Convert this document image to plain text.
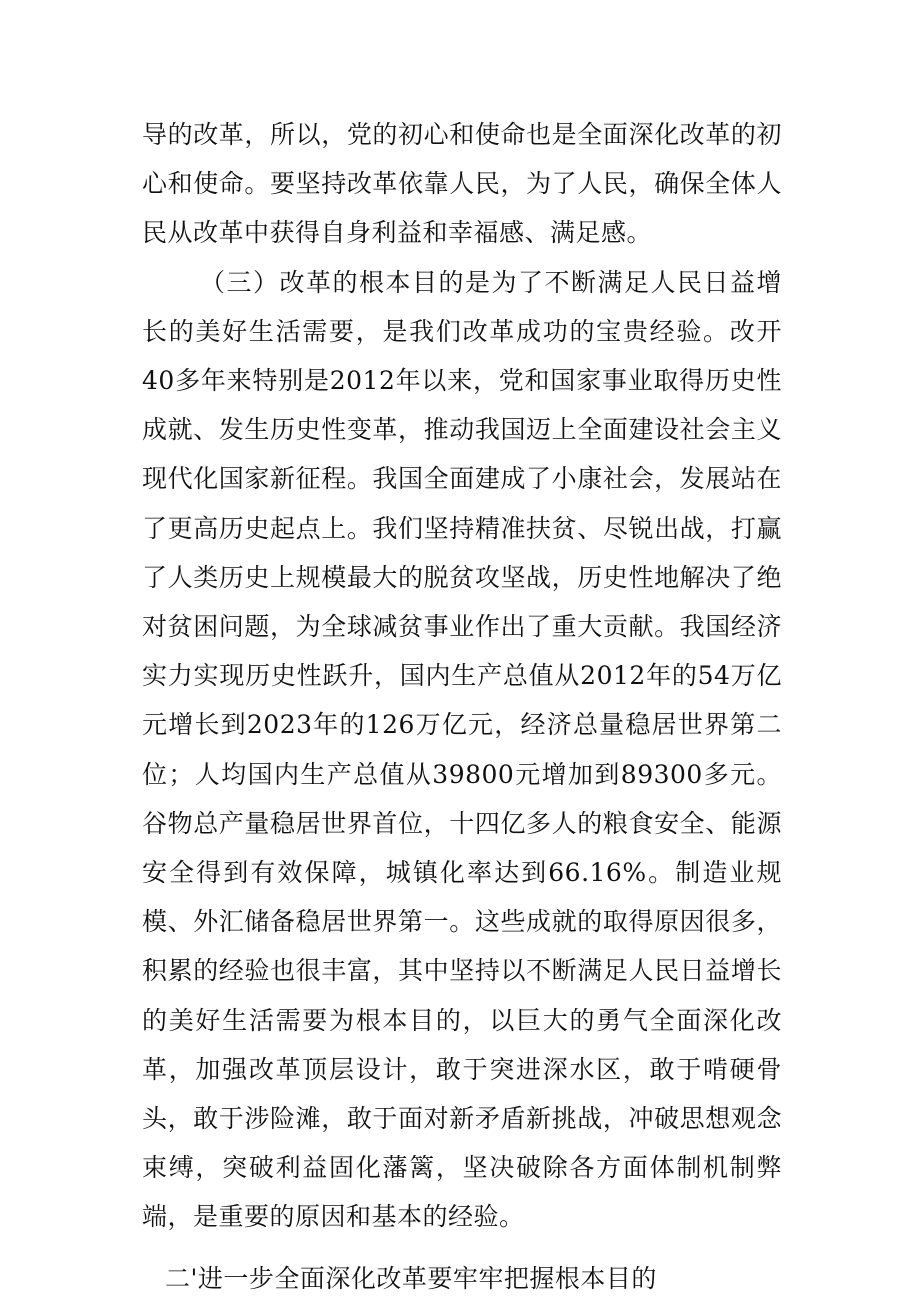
导的改革，所以，党的初心和使命也是全面深化改革的初心和使命。要坚持改革依靠人民，为了人民，确保全体人民从改革中获得自身利益和幸福感、满足感。

（三）改革的根本目的是为了不断满足人民日益增长的美好生活需要，是我们改革成功的宝贵经验。改开40多年来特别是2012年以来，党和国家事业取得历史性成就、发生历史性变革，推动我国迈上全面建设社会主义现代化国家新征程。我国全面建成了小康社会，发展站在了更高历史起点上。我们坚持精准扶贫、尽锐出战，打赢了人类历史上规模最大的脱贫攻坚战，历史性地解决了绝对贫困问题，为全球减贫事业作出了重大贡献。我国经济实力实现历史性跃升，国内生产总值从2012年的54万亿元增长到2023年的126万亿元，经济总量稳居世界第二位；人均国内生产总值从39800元增加到89300多元。谷物总产量稳居世界首位，十四亿多人的粮食安全、能源安全得到有效保障，城镇化率达到66.16%。制造业规模、外汇储备稳居世界第一。这些成就的取得原因很多，积累的经验也很丰富，其中坚持以不断满足人民日益增长的美好生活需要为根本目的，以巨大的勇气全面深化改革，加强改革顶层设计，敢于突进深水区，敢于啃硬骨头，敢于涉险滩，敢于面对新矛盾新挑战，冲破思想观念束缚，突破利益固化藩篱，坚决破除各方面体制机制弊端，是重要的原因和基本的经验。

二'进一步全面深化改革要牢牢把握根本目的
